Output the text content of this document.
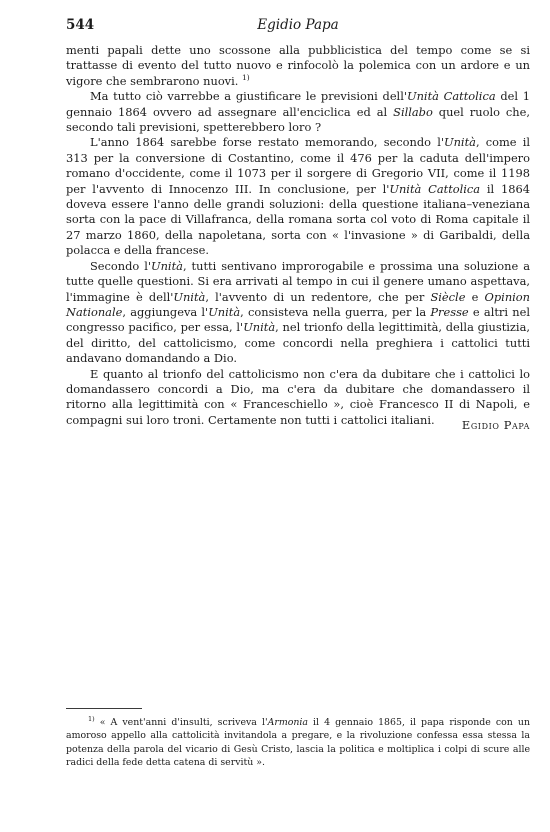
544	Egidio Papa

menti papali dette uno scossone alla pubblicistica del tempo come se si trattasse di evento del tutto nuovo e rinfocolò la polemica con un ardore e un vigore che sembrarono nuovi. $^{1)}$

Ma tutto ciò varrebbe a giustificare le previsioni dell'Unità Cattolica del 1 gennaio 1864 ovvero ad assegnare all'enciclica ed al Sillabo quel ruolo che, secondo tali previsioni, spetterebbero loro ?

L'anno 1864 sarebbe forse restato memorando, secondo l'Unità, come il 313 per la conversione di Costantino, come il 476 per la caduta dell'impero romano d'occidente, come il 1073 per il sorgere di Gregorio VII, come il 1198 per l'avvento di Innocenzo III. In conclusione, per l'Unità Cattolica il 1864 doveva essere l'anno delle grandi soluzioni: della questione italiana–veneziana sorta con la pace di Villafranca, della romana sorta col voto di Roma capitale il 27 marzo 1860, della napoletana, sorta con « l'invasione » di Garibaldi, della polacca e della francese.

Secondo l'Unità, tutti sentivano improrogabile e prossima una soluzione a tutte quelle questioni. Si era arrivati al tempo in cui il genere umano aspettava, l'immagine è dell'Unità, l'avvento di un redentore, che per Siècle e Opinion Nationale, aggiungeva l'Unità, consisteva nella guerra, per la Presse e altri nel congresso pacifico, per essa, l'Unità, nel trionfo della legittimità, della giustizia, del diritto, del cattolicismo, come concordi nella preghiera i cattolici tutti andavano domandando a Dio.

E quanto al trionfo del cattolicismo non c'era da dubitare che i cattolici lo domandassero concordi a Dio, ma c'era da dubitare che domandassero il ritorno alla legittimità con « Franceschiello », cioè Francesco II di Napoli, e compagni sui loro troni. Certamente non tutti i cattolici italiani.	Egidio Papa

$^{1)}$ « A vent'anni d'insulti, scriveva l'Armonia il 4 gennaio 1865, il papa risponde con un amoroso appello alla cattolicità invitandola a pregare, e la rivoluzione confessa essa stessa la potenza della parola del vicario di Gesù Cristo, lascia la politica e moltiplica i colpi di scure alle radici della fede detta catena di servitù ».
